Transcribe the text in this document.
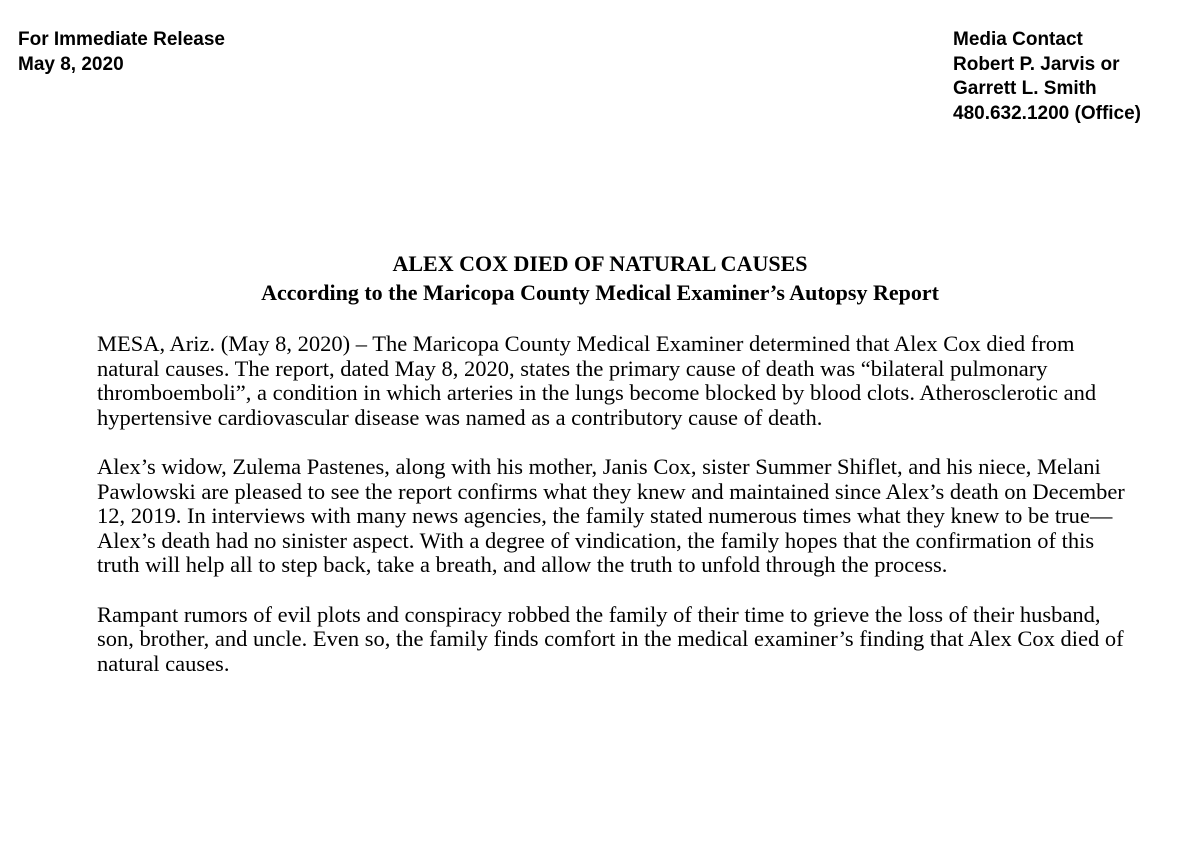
For Immediate Release
May 8, 2020
Media Contact
Robert P. Jarvis or
Garrett L. Smith
480.632.1200 (Office)
ALEX COX DIED OF NATURAL CAUSES
According to the Maricopa County Medical Examiner’s Autopsy Report

MESA, Ariz. (May 8, 2020) – The Maricopa County Medical Examiner determined that Alex Cox died from natural causes. The report, dated May 8, 2020, states the primary cause of death was “bilateral pulmonary thromboemboli”, a condition in which arteries in the lungs become blocked by blood clots. Atherosclerotic and hypertensive cardiovascular disease was named as a contributory cause of death.

Alex’s widow, Zulema Pastenes, along with his mother, Janis Cox, sister Summer Shiflet, and his niece, Melani Pawlowski are pleased to see the report confirms what they knew and maintained since Alex’s death on December 12, 2019. In interviews with many news agencies, the family stated numerous times what they knew to be true—Alex’s death had no sinister aspect. With a degree of vindication, the family hopes that the confirmation of this truth will help all to step back, take a breath, and allow the truth to unfold through the process.

Rampant rumors of evil plots and conspiracy robbed the family of their time to grieve the loss of their husband, son, brother, and uncle. Even so, the family finds comfort in the medical examiner’s finding that Alex Cox died of natural causes.
